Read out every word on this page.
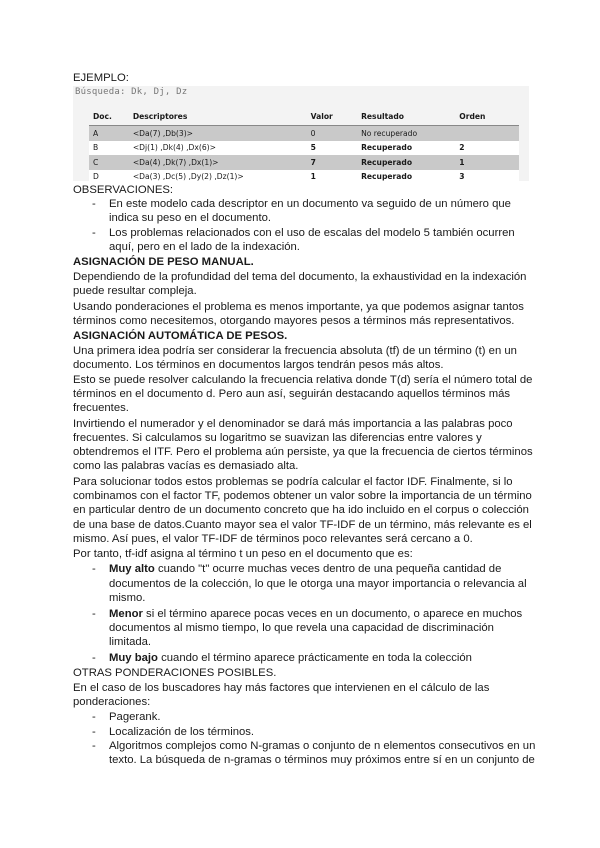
EJEMPLO:
Búsqueda: Dk, Dj, Dz
Doc.	Descriptores	Valor	Resultado	Orden
A	<Da(7) ,Db(3)>	0	No recuperado	
B	<Dj(1) ,Dk(4) ,Dx(6)>	5	Recuperado	2
C	<Da(4) ,Dk(7) ,Dx(1)>	7	Recuperado	1
D	<Da(3) ,Dc(5) ,Dy(2) ,Dz(1)>	1	Recuperado	3
OBSERVACIONES:
- En este modelo cada descriptor en un documento va seguido de un número que
indica su peso en el documento.
- Los problemas relacionados con el uso de escalas del modelo 5 también ocurren
aquí, pero en el lado de la indexación.
ASIGNACIÓN DE PESO MANUAL.
Dependiendo de la profundidad del tema del documento, la exhaustividad en la indexación
puede resultar compleja.
Usando ponderaciones el problema es menos importante, ya que podemos asignar tantos
términos como necesitemos, otorgando mayores pesos a términos más representativos.
ASIGNACIÓN AUTOMÁTICA DE PESOS.
Una primera idea podría ser considerar la frecuencia absoluta (tf) de un término (t) en un
documento. Los términos en documentos largos tendrán pesos más altos.
Esto se puede resolver calculando la frecuencia relativa donde T(d) sería el número total de
términos en el documento d. Pero aun así, seguirán destacando aquellos términos más
frecuentes.
Invirtiendo el numerador y el denominador se dará más importancia a las palabras poco
frecuentes. Si calculamos su logaritmo se suavizan las diferencias entre valores y
obtendremos el ITF. Pero el problema aún persiste, ya que la frecuencia de ciertos términos
como las palabras vacías es demasiado alta.
Para solucionar todos estos problemas se podría calcular el factor IDF. Finalmente, si lo
combinamos con el factor TF, podemos obtener un valor sobre la importancia de un término
en particular dentro de un documento concreto que ha ido incluido en el corpus o colección
de una base de datos.Cuanto mayor sea el valor TF-IDF de un término, más relevante es el
mismo. Así pues, el valor TF-IDF de términos poco relevantes será cercano a 0.
Por tanto, tf-idf asigna al término t un peso en el documento que es:
- Muy alto cuando "t" ocurre muchas veces dentro de una pequeña cantidad de
documentos de la colección, lo que le otorga una mayor importancia o relevancia al
mismo.
- Menor si el término aparece pocas veces en un documento, o aparece en muchos
documentos al mismo tiempo, lo que revela una capacidad de discriminación
limitada.
- Muy bajo cuando el término aparece prácticamente en toda la colección
OTRAS PONDERACIONES POSIBLES.
En el caso de los buscadores hay más factores que intervienen en el cálculo de las
ponderaciones:
- Pagerank.
- Localización de los términos.
- Algoritmos complejos como N-gramas o conjunto de n elementos consecutivos en un
texto. La búsqueda de n-gramas o términos muy próximos entre sí en un conjunto de
